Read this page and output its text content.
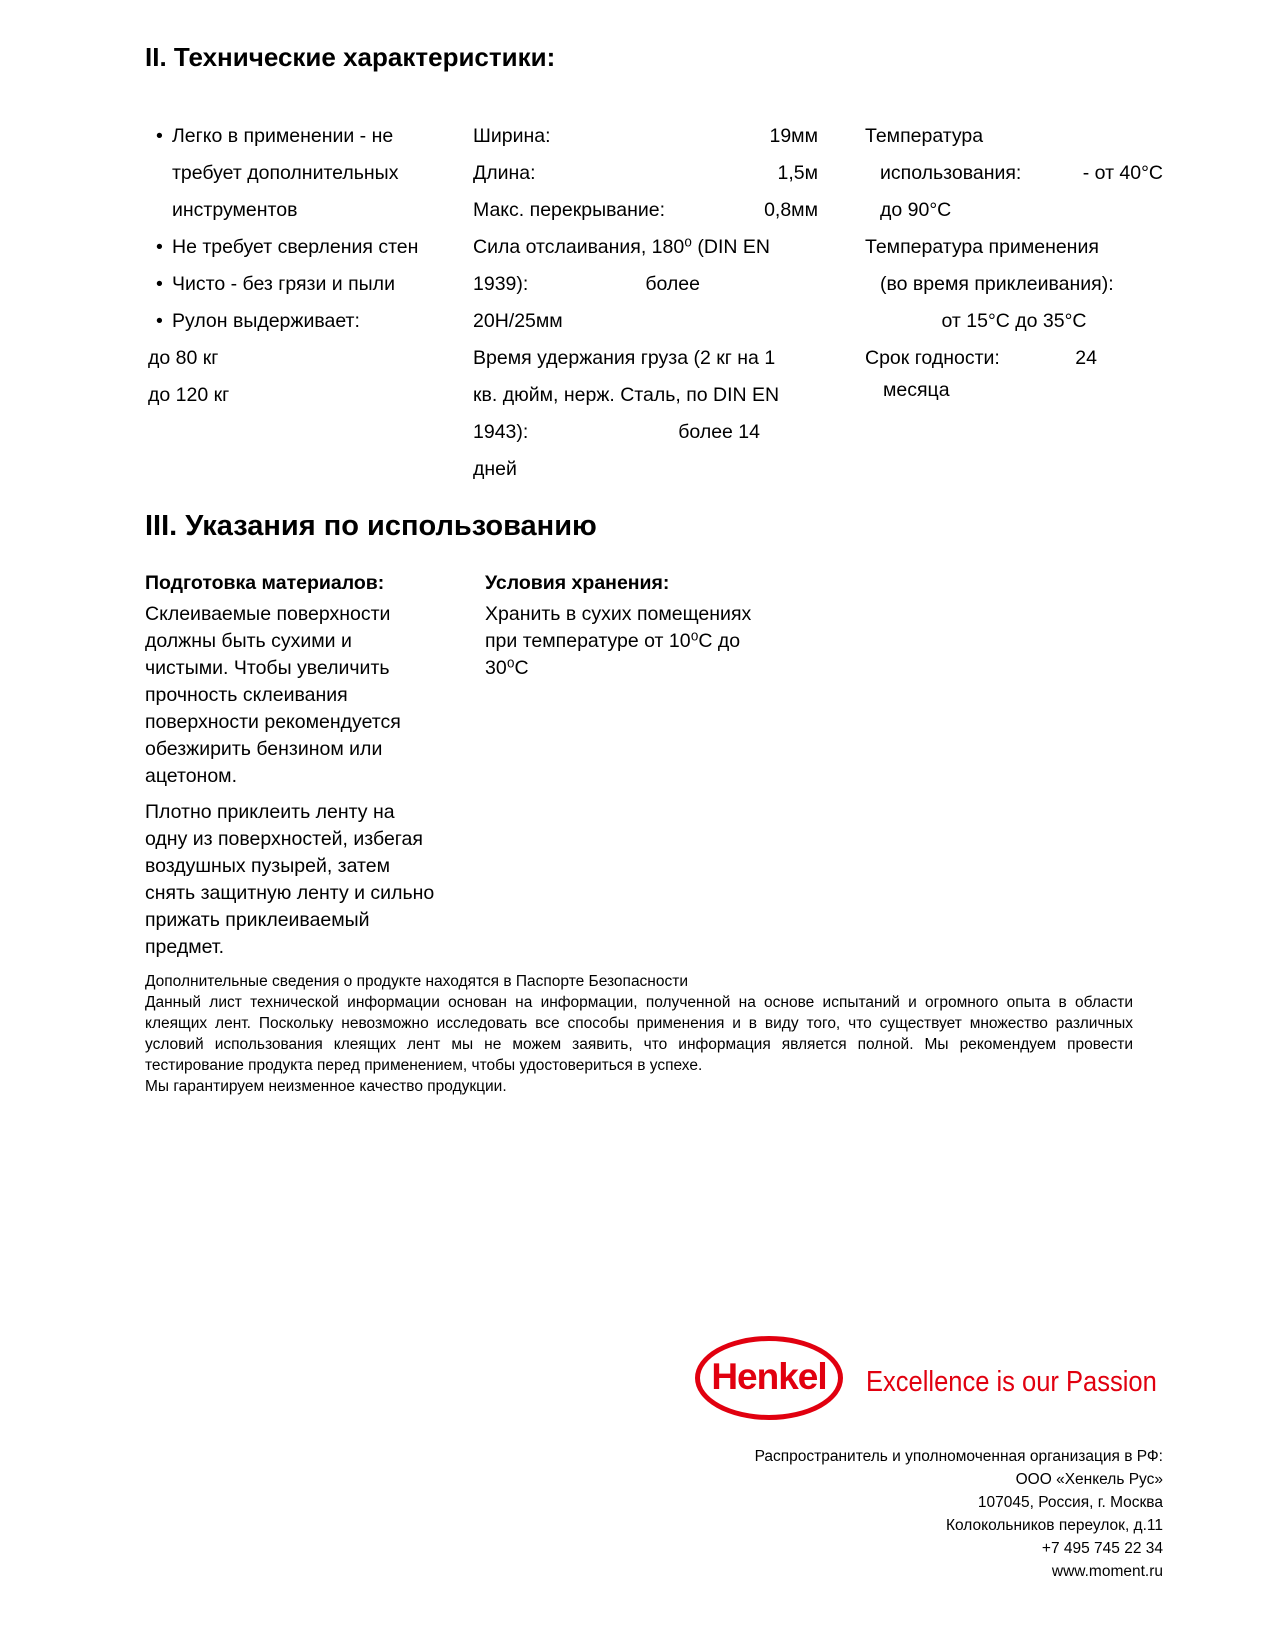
II. Технические характеристики:
• Легко в применении - не
требует дополнительных
инструментов
• Не требует сверления стен
• Чисто - без грязи и пыли
• Рулон выдерживает:
до 80 кг
до 120 кг
Ширина:	19мм
Длина:	1,5м
Макс. перекрывание:	0,8мм
Сила отслаивания, 180⁰ (DIN EN
1939):	более
20Н/25мм
Время удержания груза (2 кг на 1
кв. дюйм, нерж. Сталь, по DIN EN
1943):	более 14
дней
Температура
использования:	- от 40°С
до 90°С
Температура применения
(во время приклеивания):
от 15°С до 35°С
Срок годности:	24
месяца
III. Указания по использованию
Подготовка материалов:

Склеиваемые поверхности должны быть сухими и чистыми. Чтобы увеличить прочность склеивания поверхности рекомендуется обезжирить бензином или ацетоном.

Плотно приклеить ленту на одну из поверхностей, избегая воздушных пузырей, затем снять защитную ленту и сильно прижать приклеиваемый предмет.

Условия хранения:

Хранить в сухих помещениях при температуре от 10⁰С до 30⁰С

Дополнительные сведения о продукте находятся в Паспорте Безопасности

Данный лист технической информации основан на информации, полученной на основе испытаний и огромного опыта в области клеящих лент. Поскольку невозможно исследовать все способы применения и в виду того, что существует множество различных условий использования клеящих лент мы не можем заявить, что информация является полной. Мы рекомендуем провести тестирование продукта перед применением, чтобы удостовериться в успехе.

Мы гарантируем неизменное качество продукции.

Henkel Excellence is our Passion
Распространитель и уполномоченная организация в РФ:
ООО «Хенкель Рус»
107045, Россия, г. Москва
Колокольников переулок, д.11
+7 495 745 22 34
www.moment.ru
